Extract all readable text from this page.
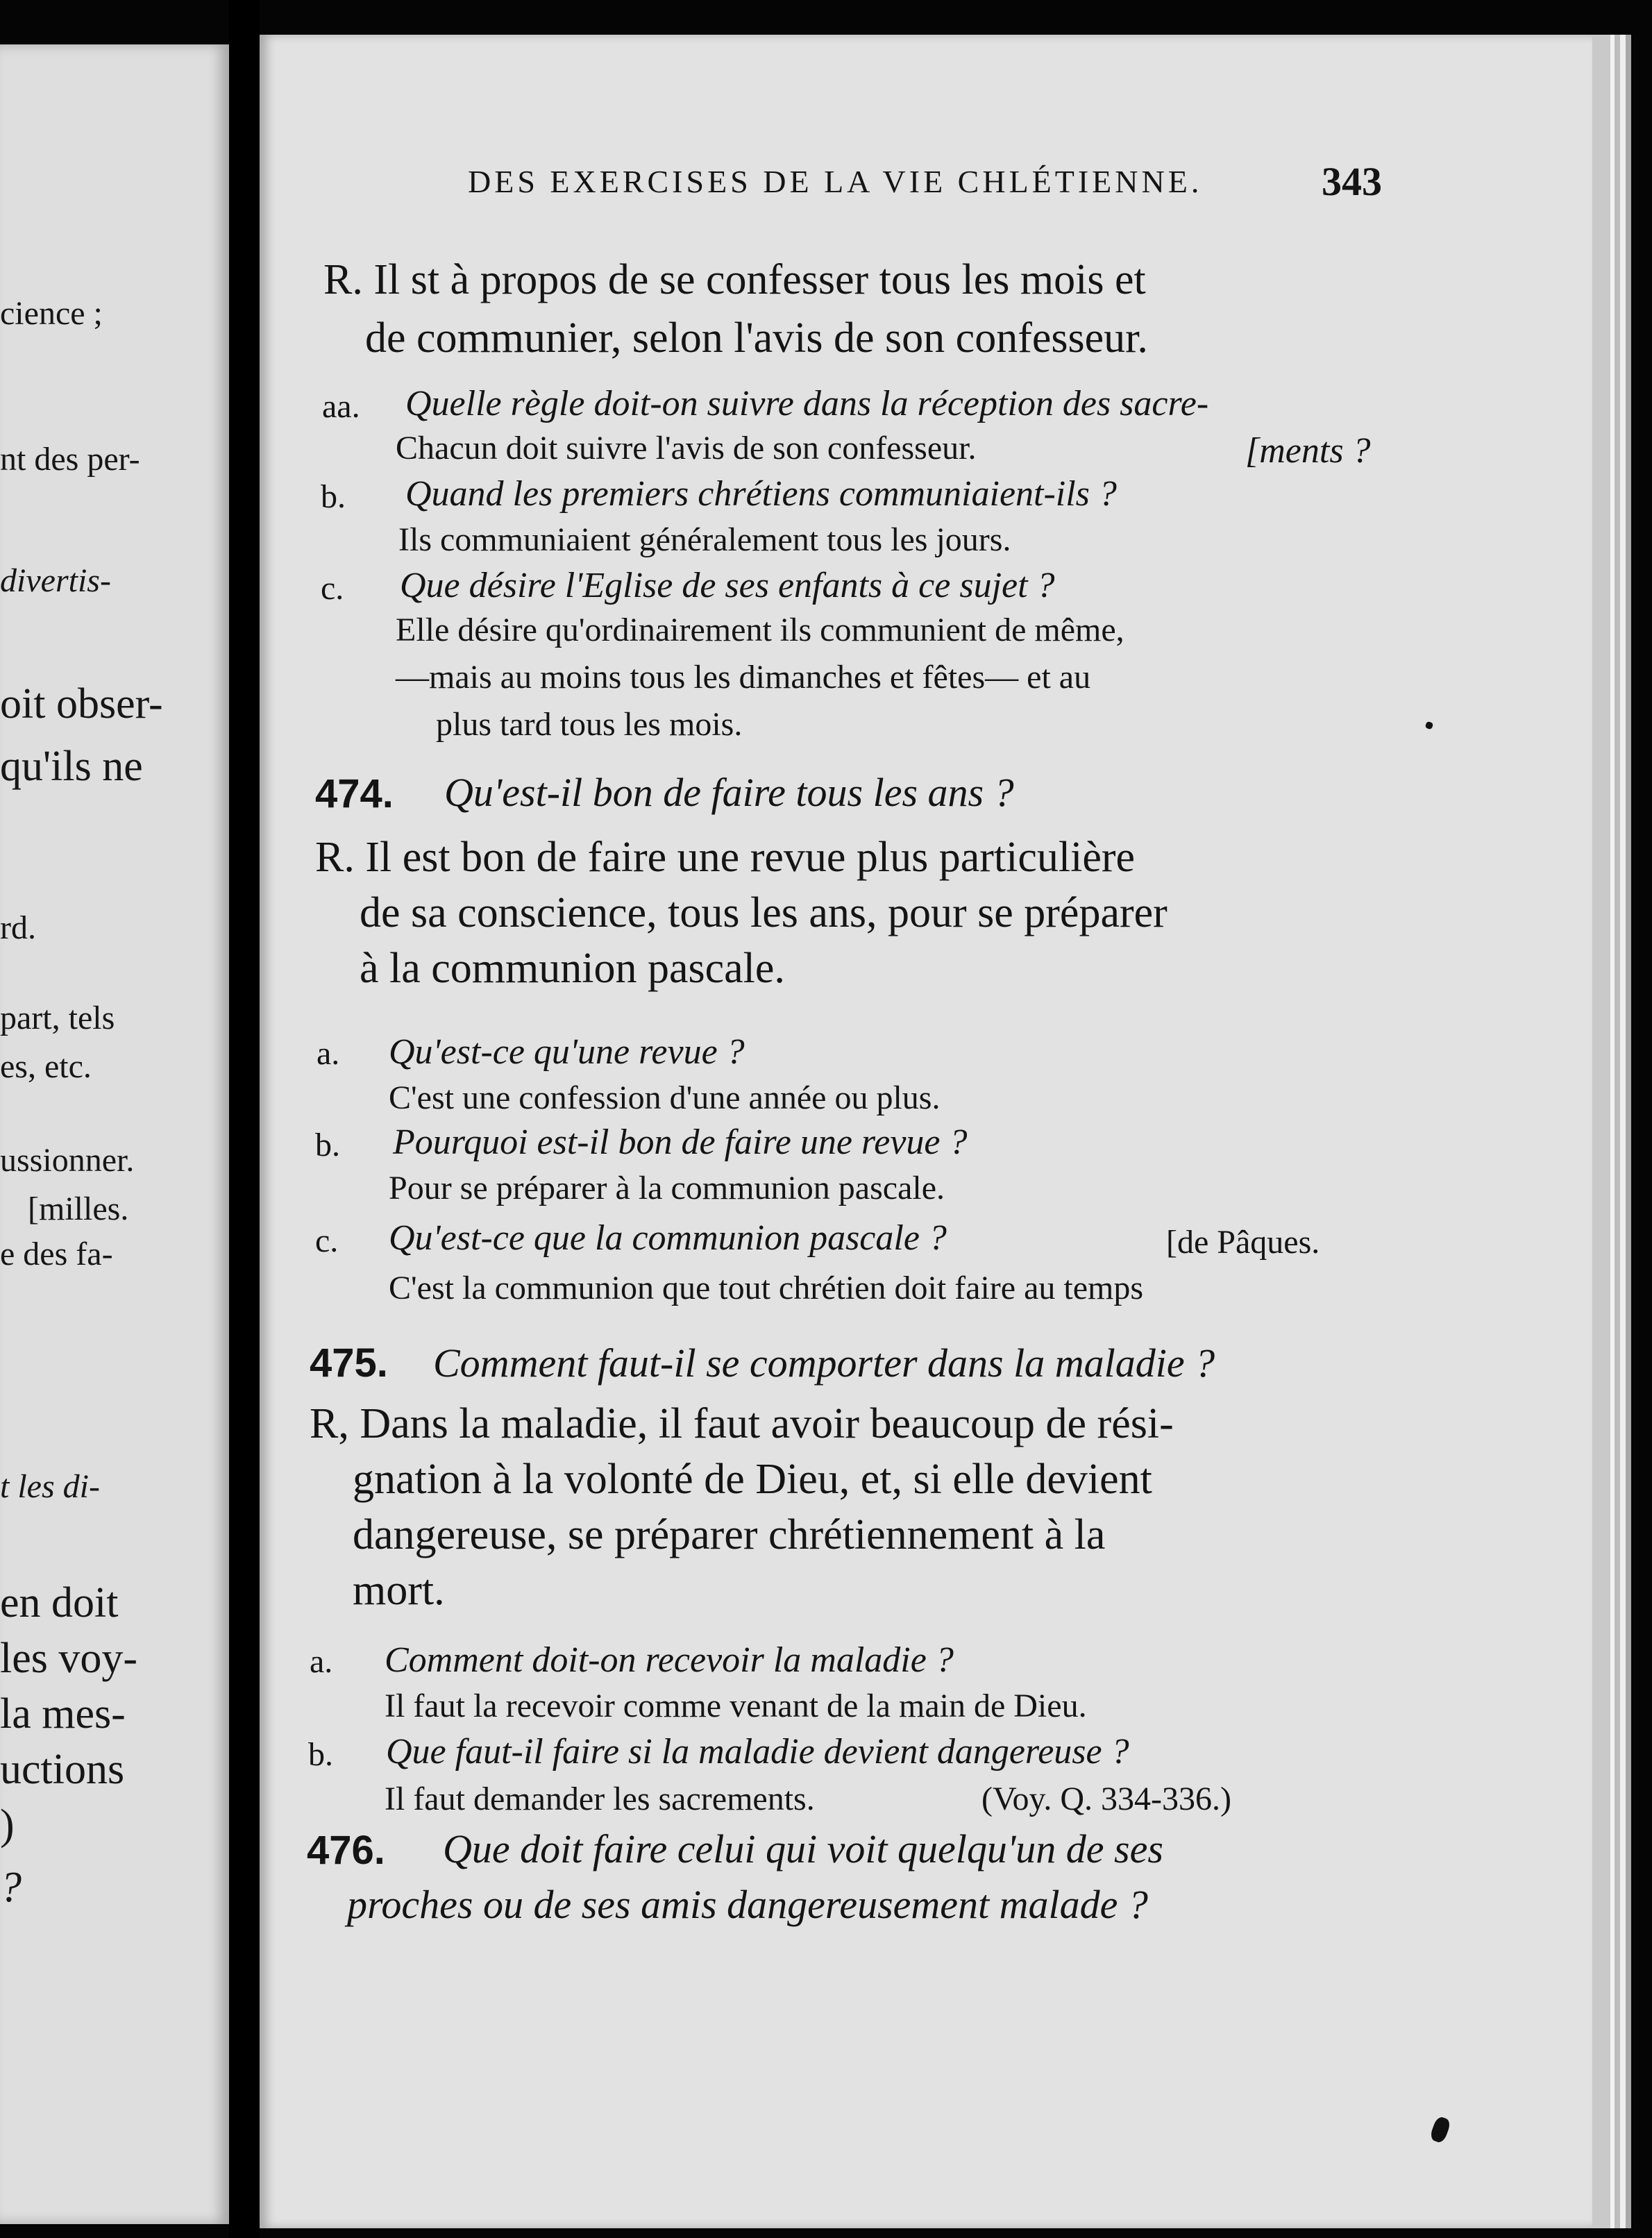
cience ;
nt des per-
divertis-
oit obser-
qu'ils ne
rd.
part, tels
es, etc.
ussionner.
[milles.
e des fa-
t les di-
en doit
les voy-
la mes-
uctions
)
?
DES EXERCISES DE LA VIE CHLÉTIENNE.	343
R. Il st à propos de se confesser tous les mois et
de communier, selon l'avis de son confesseur.
aa. Quelle règle doit-on suivre dans la réception des sacre-
Chacun doit suivre l'avis de son confesseur.	[ments ?
b. Quand les premiers chrétiens communiaient-ils ?
Ils communiaient généralement tous les jours.
c. Que désire l'Eglise de ses enfants à ce sujet ?
Elle désire qu'ordinairement ils communient de même,
—mais au moins tous les dimanches et fêtes— et au
plus tard tous les mois.
474. Qu'est-il bon de faire tous les ans ?
R. Il est bon de faire une revue plus particulière
de sa conscience, tous les ans, pour se préparer
à la communion pascale.
a. Qu'est-ce qu'une revue ?
C'est une confession d'une année ou plus.
b. Pourquoi est-il bon de faire une revue ?
Pour se préparer à la communion pascale.
c. Qu'est-ce que la communion pascale ?	[de Pâques.
C'est la communion que tout chrétien doit faire au temps
475. Comment faut-il se comporter dans la maladie ?
R, Dans la maladie, il faut avoir beaucoup de rési-
gnation à la volonté de Dieu, et, si elle devient
dangereuse, se préparer chrétiennement à la
mort.
a. Comment doit-on recevoir la maladie ?
Il faut la recevoir comme venant de la main de Dieu.
b. Que faut-il faire si la maladie devient dangereuse ?
Il faut demander les sacrements.	(Voy. Q. 334-336.)
476. Que doit faire celui qui voit quelqu'un de ses
proches ou de ses amis dangereusement malade ?
